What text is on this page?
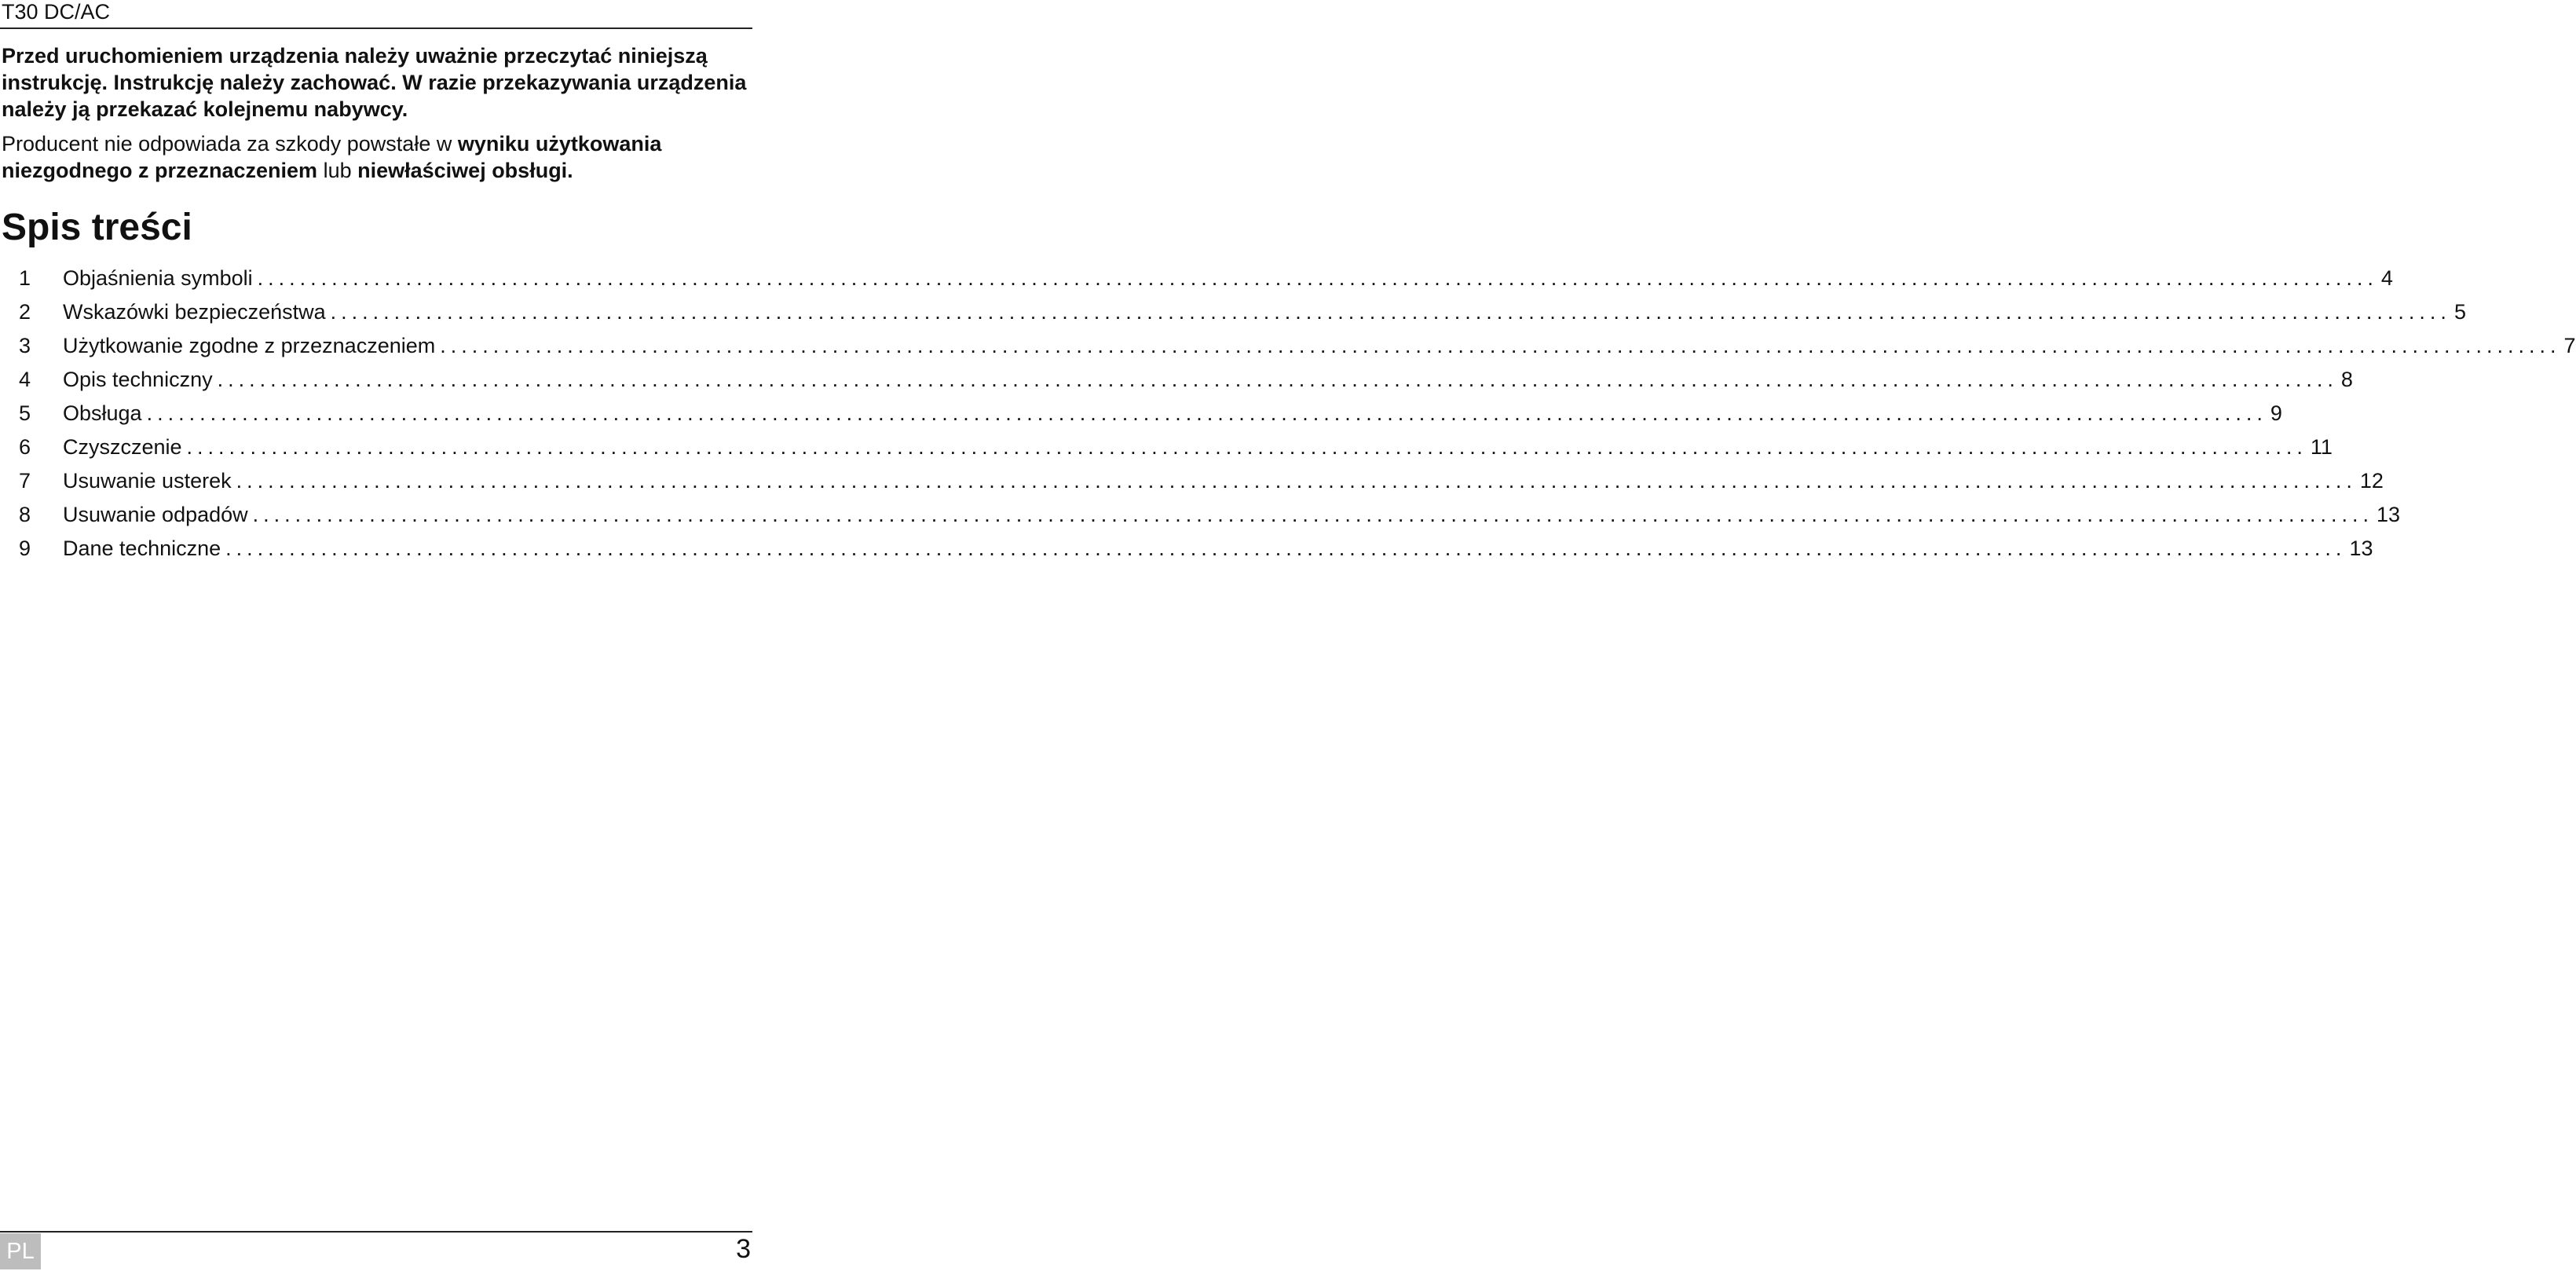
T30 DC/AC

Przed uruchomieniem urządzenia należy uważnie przeczytać niniejszą instrukcję. Instrukcję należy zachować. W razie przekazywania urządzenia należy ją przekazać kolejnemu nabywcy.

Producent nie odpowiada za szkody powstałe w wyniku użytkowania niezgodnego z przeznaczeniem lub niewłaściwej obsługi.

Spis treści
1	Objaśnienia symboli ........................................................................................................................................................................................................ 4
2	Wskazówki bezpieczeństwa ........................................................................................................................................................................................................ 5
3	Użytkowanie zgodne z przeznaczeniem ........................................................................................................................................................................................................ 7
4	Opis techniczny ........................................................................................................................................................................................................ 8
5	Obsługa ........................................................................................................................................................................................................ 9
6	Czyszczenie ........................................................................................................................................................................................................ 11
7	Usuwanie usterek ........................................................................................................................................................................................................ 12
8	Usuwanie odpadów ........................................................................................................................................................................................................ 13
9	Dane techniczne ........................................................................................................................................................................................................ 13
PL	3
